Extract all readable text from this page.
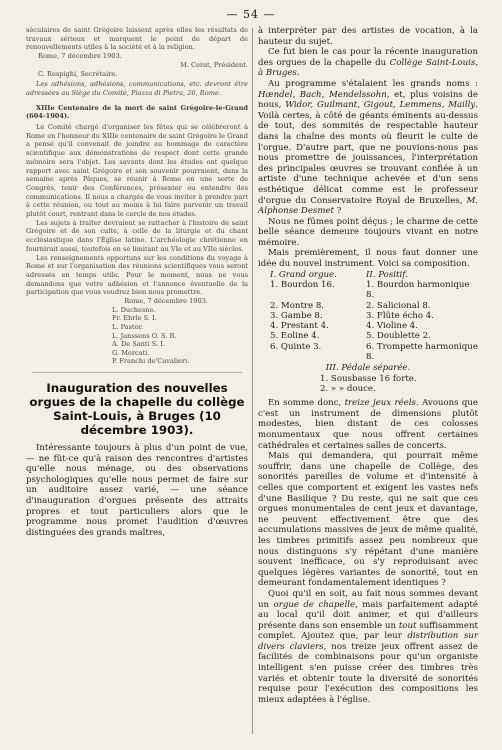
— 54 —

séculaires de saint Grégoire laissent après elles les résultats de travaux sérieux et marquent le point de départ de renouvellements utiles à la société et à la religion.

Rome, 7 décembre 1903.

M. Cerat, Président.

C. Respighi, Secrétaire.

Les adhésions, adhésions, communications, etc. devront être adressées au Siège du Comité, Piazza di Pietra, 26, Rome.

XIIIe Centenaire de la mort de saint Grégoire-le-Grand (604-1904).

Le Comité chargé d'organiser les fêtes qui se célébreront à Rome en l'honneur du XIIIe centenaire de saint Grégoire le Grand a pensé qu'il convenait de joindre au hommage de caractère scientifique aux démonstrations de respect dont cette grande mémoire sera l'objet. Les savants dont les études ont quelque rapport avec saint Grégoire et son souvenir pourraient, dans la semaine après Pâques, se réunir à Rome en une sorte de Congrès, tenir des Conférences, présenter ou entendre des communications. Il nous a chargés de vous inviter à prendre part à cette réunion, ou tout au moins à lui faire parvenir un travail plutôt court, rentrant dans le cercle de nos études.

Les sujets à traiter devraient se rattacher à l'histoire de saint Grégoire et de son culte, à celle de la liturgie et du chant ecclésiastique dans l'Église latine. L'archéologie chrétienne en fournirait aussi, toutefois en se limitant au VIe et au VIIe siècles.

Les renseignements opportuns sur les conditions du voyage à Rome et sur l'organisation des réunions scientifiques vous seront adressés en temps utile. Pour le moment, nous ne vous demandons que votre adhésion et l'annonce éventuelle de la participation que vous voudrez bien nous promettre.

Rome, 7 décembre 1903.

L. Duchesne.
Fr. Ehrle S. I.
L. Pastor.
L. Janssens O. S. B.
A. De Santi S. I.
G. Mercati.
P. Franchi de'Cavalieri.
Inauguration des nouvelles orgues de la chapelle du collège Saint-Louis, à Bruges (10 décembre 1903).

Intéressante toujours à plus d'un point de vue, — ne fût-ce qu'à raison des rencontres d'artistes qu'elle nous ménage, ou des observations psychologiques qu'elle nous permet de faire sur un auditoire assez varié, — une séance d'inauguration d'orgues présente des attraits propres et tout particuliers alors que le programme nous promet l'audition d'œuvres distinguées des grands maîtres,

à interpréter par des artistes de vocation, à la hauteur du sujet.

Ce fut bien le cas pour la récente inauguration des orgues de la chapelle du Collège Saint-Louis, à Bruges.

Au programme s'étalaient les grands noms : Hændel, Bach, Mendelssohn, et, plus voisins de nous, Widor, Guilmant, Gigout, Lemmens, Mailly. Voilà certes, à côté de géants éminents au-dessus de tout, des sommités de respectable hauteur dans la chaîne des monts où fleurit le culte de l'orgue. D'autre part, que ne pouvions-nous pas nous promettre de jouissances, l'interprétation des principales œuvres se trouvant confiée à un artiste d'une technique achevée et d'un sens esthétique délicat comme est le professeur d'orgue du Conservatoire Royal de Bruxelles, M. Alphonse Desmet ?

Nous ne fûmes point déçus ; le charme de cette belle séance demeure toujours vivant en notre mémoire.

Mais premièrement, il nous faut donner une idée du nouvel instrument. Voici sa composition.

I. Grand orgue.	II. Positif.
1. Bourdon 16.	1. Bourdon harmonique 8.
2. Montre 8.	2. Salicional 8.
3. Gambe 8.	3. Flûte écho 4.
4. Prestant 4.	4. Violine 4.
5. Eoline 4.	5. Doublette 2.
6. Quinte 3.	6. Trompette harmonique 8.
III. Pédale séparée.
1. Sousbasse 16 forte.
2. » » douce.

En somme donc, treize jeux réels. Avouons que c'est un instrument de dimensions plutôt modestes, bien distant de ces colosses monumentaux que nous offrent certaines cathédrales et certaines salles de concerts.

Mais qui demandera, qui pourrait même souffrir, dans une chapelle de Collège, des sonorités pareilles de volume et d'intensité à celles que comportent et exigent les vastes nefs d'une Basilique ? Du reste, qui ne sait que ces orgues monumentales de cent jeux et davantage, ne peuvent effectivement être que des accumulations massives de jeux de même qualité, les timbres primitifs assez peu nombreux que nous distinguons s'y répétant d'une manière souvent inefficace, ou s'y reproduisant avec quelques légères variantes de sonorité, tout en demeurant fondamentalement identiques ?

Quoi qu'il en soit, au fait nous sommes devant un orgue de chapelle, mais parfaitement adapté au local qu'il doit animer, et qui d'ailleurs présente dans son ensemble un tout suffisamment complet. Ajoutez que, par leur distribution sur divers claviers, nos treize jeux offrent assez de facilités de combinaisons pour qu'un organiste intelligent s'en puisse créer des timbres très variés et obtenir toute la diversité de sonorités requise pour l'exécution des compositions les mieux adaptées à l'église.
